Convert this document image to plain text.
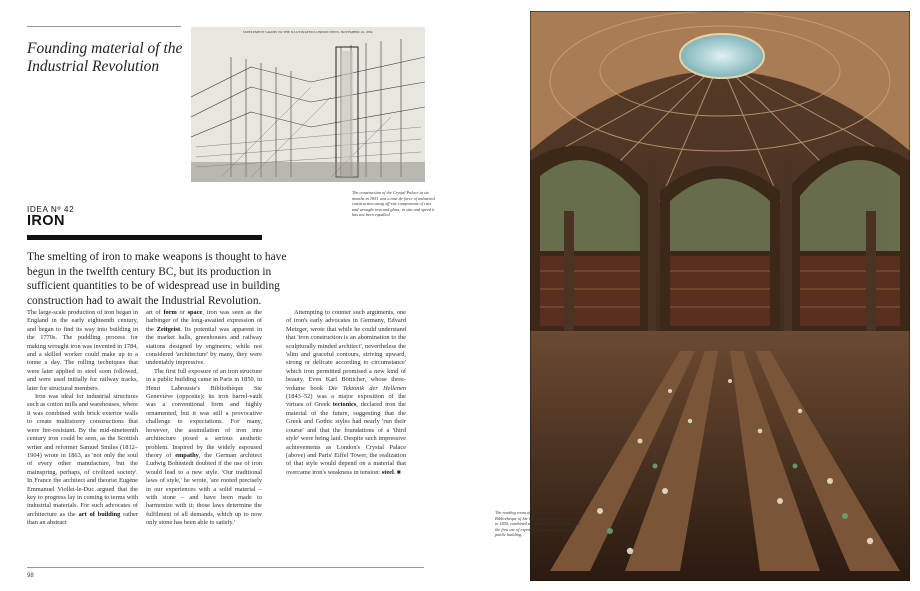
Founding material of the Industrial Revolution
SUPPLEMENT GRATIS TO THE ILLUSTRATED LONDON NEWS, NOVEMBER 16, 1850.
The construction of the Crystal Palace in six months in 1851 was a tour de force of industrial construction using off-site components of cast and wrought iron and glass; in size and speed it has not been equalled.
IDEA Nº 42
IRON
The smelting of iron to make weapons is thought to have begun in the twelfth century BC, but its production in sufficient quantities to be of widespread use in building construction had to await the Industrial Revolution.

The large-scale production of iron began in England in the early eighteenth century, and began to find its way into building in the 1770s. The puddling process for making wrought iron was invented in 1784, and a skilled worker could make up to a tonne a day. The rolling techniques that were later applied to steel soon followed, and were used initially for railway tracks, later for structural members.

Iron was ideal for industrial structures such as cotton mills and warehouses, where it was combined with brick exterior walls to create multistorey constructions that were fire-resistant. By the mid-nineteenth century iron could be seen, as the Scottish writer and reformer Samuel Smiles (1812–1904) wrote in 1863, as 'not only the soul of every other manufacture, but the mainspring, perhaps, of civilized society'. In France the architect and theorist Eugène Emmanuel Viollet-le-Duc argued that the key to progress lay in coming to terms with industrial materials. For such advocates of architecture as the art of building rather than an abstract

art of form or space, iron was seen as the harbinger of the long-awaited expression of the Zeitgeist. Its potential was apparent in the market halls, greenhouses and railway stations designed by engineers; while not considered 'architecture' by many, they were undeniably impressive.

The first full exposure of an iron structure in a public building came in Paris in 1850, in Henri Labrouste's Bibliothèque Ste Geneviève (opposite): its iron barrel-vault was a conventional form and highly ornamented, but it was still a provocative challenge to expectations. For many, however, the assimilation of iron into architecture posed a serious aesthetic problem. Inspired by the widely espoused theory of empathy, the German architect Ludwig Bohnstedt doubted if the use of iron would lead to a new style. 'Our traditional laws of style,' he wrote, 'are rooted precisely in our experiences with a solid material – with stone – and have been made to harmonize with it; those laws determine the fulfilment of all demands, which up to now only stone has been able to satisfy.'

Attempting to counter such arguments, one of iron's early advocates in Germany, Edvard Metzger, wrote that while he could understand that 'iron construction is an abomination to the sculpturally minded architect', nevertheless the 'slim and graceful contours, striving upward, strong or delicate according to circumstance' which iron permitted promised a new kind of beauty. Even Karl Bötticher, whose three-volume book Die Tektonik der Hellenen (1843–52) was a major exposition of the virtues of Greek tectonics, declared iron the material of the future, suggesting that the Greek and Gothic styles had nearly 'run their course' and that the foundations of a 'third style' were being laid. Despite such impressive achievements as London's Crystal Palace (above) and Paris' Eiffel Tower, the realization of that style would depend on a material that overcame iron's weakness in tension: steel. ■

98
The reading room of Henri Labrouste's Bibliothèque of Ste Geneviève in Paris, completed in 1850, combined traditional-looking vaults with the first use of exposed iron construction in a public building.
